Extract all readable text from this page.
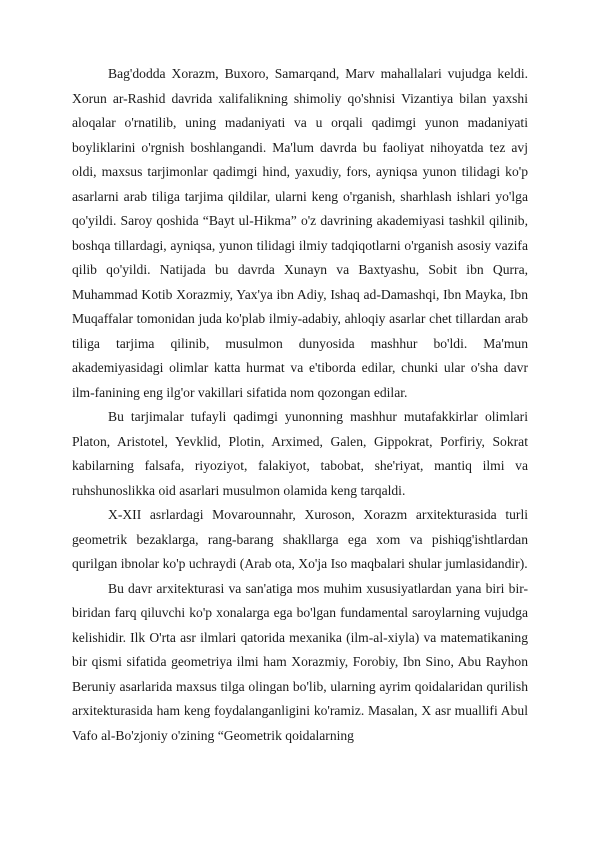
Bag'dodda Xorazm, Buxoro, Samarqand, Marv mahallalari vujudga keldi. Xorun ar-Rashid davrida xalifalikning shimoliy qo'shnisi Vizantiya bilan yaxshi aloqalar o'rnatilib, uning madaniyati va u orqali qadimgi yunon madaniyati boyliklarini o'rgnish boshlangandi. Ma'lum davrda bu faoliyat nihoyatda tez avj oldi, maxsus tarjimonlar qadimgi hind, yaxudiy, fors, ayniqsa yunon tilidagi ko'p asarlarni arab tiliga tarjima qildilar, ularni keng o'rganish, sharhlash ishlari yo'lga qo'yildi. Saroy qoshida “Bayt ul-Hikma” o'z davrining akademiyasi tashkil qilinib, boshqa tillardagi, ayniqsa, yunon tilidagi ilmiy tadqiqotlarni o'rganish asosiy vazifa qilib qo'yildi. Natijada bu davrda Xunayn va Baxtyashu, Sobit ibn Qurra, Muhammad Kotib Xorazmiy, Yax'ya ibn Adiy, Ishaq ad-Damashqi, Ibn Mayka, Ibn Muqaffalar tomonidan juda ko'plab ilmiy-adabiy, ahloqiy asarlar chet tillardan arab tiliga tarjima qilinib, musulmon dunyosida mashhur bo'ldi. Ma'mun akademiyasidagi olimlar katta hurmat va e'tiborda edilar, chunki ular o'sha davr ilm-fanining eng ilg'or vakillari sifatida nom qozongan edilar.

Bu tarjimalar tufayli qadimgi yunonning mashhur mutafakkirlar olimlari Platon, Aristotel, Yevklid, Plotin, Arximed, Galen, Gippokrat, Porfiriy, Sokrat kabilarning falsafa, riyoziyot, falakiyot, tabobat, she'riyat, mantiq ilmi va ruhshunoslikka oid asarlari musulmon olamida keng tarqaldi.

X-XII asrlardagi Movarounnahr, Xuroson, Xorazm arxitekturasida turli geometrik bezaklarga, rang-barang shakllarga ega xom va pishiqg'ishtlardan qurilgan ibnolar ko'p uchraydi (Arab ota, Xo'ja Iso maqbalari shular jumlasidandir).

Bu davr arxitekturasi va san'atiga mos muhim xususiyatlardan yana biri bir-biridan farq qiluvchi ko'p xonalarga ega bo'lgan fundamental saroylarning vujudga kelishidir. Ilk O'rta asr ilmlari qatorida mexanika (ilm-al-xiyla) va matematikaning bir qismi sifatida geometriya ilmi ham Xorazmiy, Forobiy, Ibn Sino, Abu Rayhon Beruniy asarlarida maxsus tilga olingan bo'lib, ularning ayrim qoidalaridan qurilish arxitekturasida ham keng foydalanganligini ko'ramiz. Masalan, X asr muallifi Abul Vafo al-Bo'zjoniy o'zining “Geometrik qoidalarning
